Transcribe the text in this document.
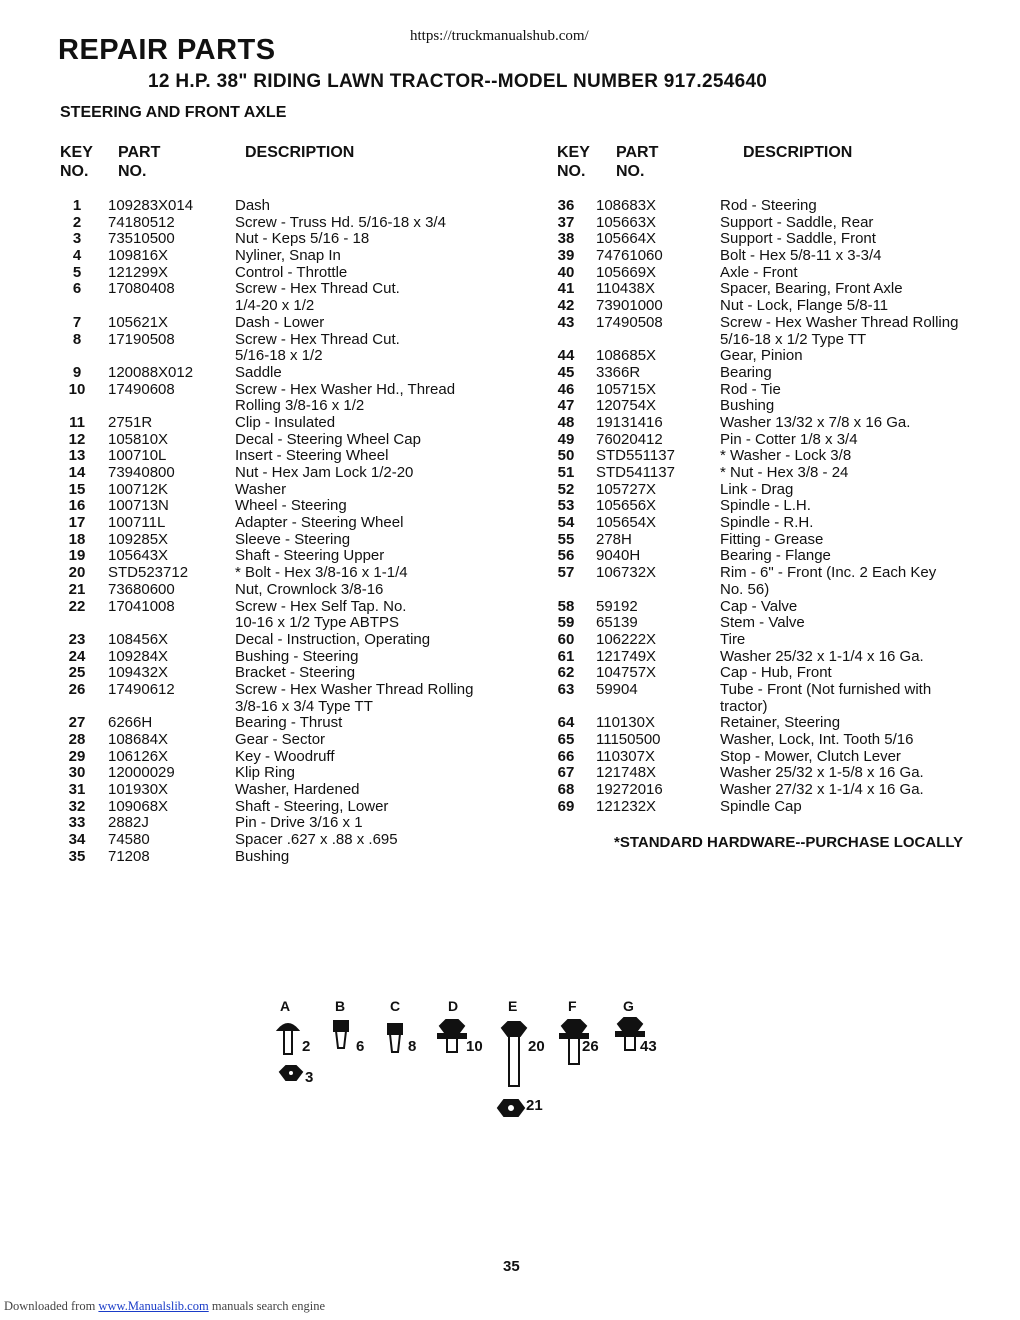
https://truckmanualshub.com/
REPAIR PARTS
12 H.P. 38" RIDING LAWN TRACTOR--MODEL NUMBER 917.254640
STEERING AND FRONT AXLE
KEY
NO.
PART
NO.
DESCRIPTION	KEY
NO.
PART
NO.
DESCRIPTION
1	109283X014	Dash
2	74180512	Screw - Truss Hd. 5/16-18 x 3/4
3	73510500	Nut - Keps 5/16 - 18
4	109816X	Nyliner, Snap In
5	121299X	Control - Throttle
6	17080408	Screw - Hex Thread Cut.
1/4-20 x 1/2
7	105621X	Dash - Lower
8	17190508	Screw - Hex Thread Cut.
5/16-18 x 1/2
9	120088X012	Saddle
10	17490608	Screw - Hex Washer Hd., Thread
Rolling 3/8-16 x 1/2
11	2751R	Clip - Insulated
12	105810X	Decal - Steering Wheel Cap
13	100710L	Insert - Steering Wheel
14	73940800	Nut - Hex Jam Lock 1/2-20
15	100712K	Washer
16	100713N	Wheel - Steering
17	100711L	Adapter - Steering Wheel
18	109285X	Sleeve - Steering
19	105643X	Shaft - Steering Upper
20	STD523712	* Bolt - Hex 3/8-16 x 1-1/4
21	73680600	Nut, Crownlock 3/8-16
22	17041008	Screw - Hex Self Tap. No.
10-16 x 1/2 Type ABTPS
23	108456X	Decal - Instruction, Operating
24	109284X	Bushing - Steering
25	109432X	Bracket - Steering
26	17490612	Screw - Hex Washer Thread Rolling
3/8-16 x 3/4 Type TT
27	6266H	Bearing - Thrust
28	108684X	Gear - Sector
29	106126X	Key - Woodruff
30	12000029	Klip Ring
31	101930X	Washer, Hardened
32	109068X	Shaft - Steering, Lower
33	2882J	Pin - Drive 3/16 x 1
34	74580	Spacer .627 x .88 x .695
35	71208	Bushing
36	108683X	Rod - Steering
37	105663X	Support - Saddle, Rear
38	105664X	Support - Saddle, Front
39	74761060	Bolt - Hex 5/8-11 x 3-3/4
40	105669X	Axle - Front
41	110438X	Spacer, Bearing, Front Axle
42	73901000	Nut - Lock, Flange 5/8-11
43	17490508	Screw - Hex Washer Thread Rolling
5/16-18 x 1/2 Type TT
44	108685X	Gear, Pinion
45	3366R	Bearing
46	105715X	Rod - Tie
47	120754X	Bushing
48	19131416	Washer 13/32 x 7/8 x 16 Ga.
49	76020412	Pin - Cotter 1/8 x 3/4
50	STD551137	* Washer - Lock 3/8
51	STD541137	* Nut - Hex 3/8 - 24
52	105727X	Link - Drag
53	105656X	Spindle - L.H.
54	105654X	Spindle - R.H.
55	278H	Fitting - Grease
56	9040H	Bearing - Flange
57	106732X	Rim - 6" - Front (Inc. 2 Each Key
No. 56)
58	59192	Cap - Valve
59	65139	Stem - Valve
60	106222X	Tire
61	121749X	Washer 25/32 x 1-1/4 x 16 Ga.
62	104757X	Cap - Hub, Front
63	59904	Tube - Front (Not furnished with
tractor)
64	110130X	Retainer, Steering
65	11150500	Washer, Lock, Int. Tooth 5/16
66	110307X	Stop - Mower, Clutch Lever
67	121748X	Washer 25/32 x 1-5/8 x 16 Ga.
68	19272016	Washer 27/32 x 1-1/4 x 16 Ga.
69	121232X	Spindle Cap
*STANDARD HARDWARE--PURCHASE LOCALLY
A	B	C	D	E	F	G
2
3
6	8	10	20
21
26	43
35
Downloaded from www.Manualslib.com manuals search engine
